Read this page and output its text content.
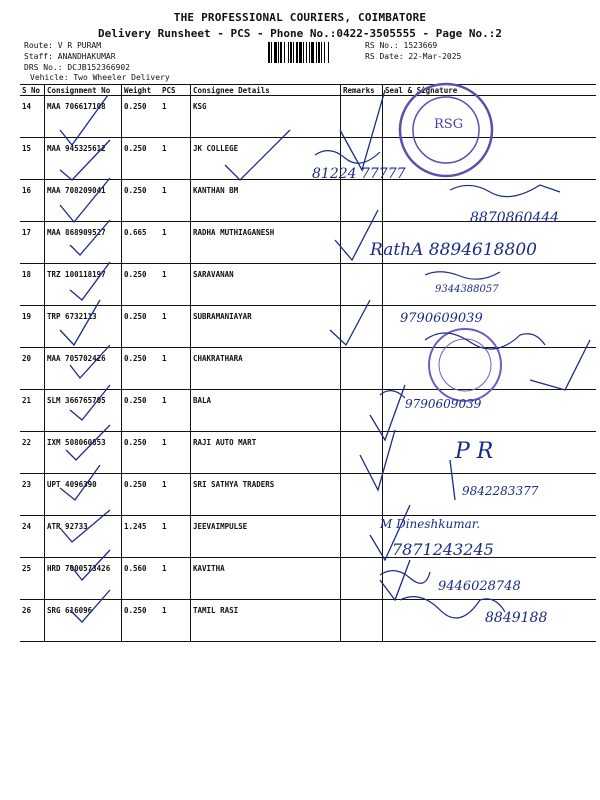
THE PROFESSIONAL COURIERS, COIMBATORE
Delivery Runsheet - PCS - Phone No.:0422-3505555 - Page No.:2
Route: V R PURAM
Staff: ANANDHAKUMAR
DRS No.: DCJB152366902
Vehicle: Two Wheeler Delivery
RS No.: 1523669
RS Date: 22-Mar-2025
S No	Consignment No	Weight	PCS	Consignee Details	Remarks	Seal & Signature
14	MAA 706617108	0.250	1	KSG		
15	MAA 945325612	0.250	1	JK COLLEGE		
16	MAA 708209041	0.250	1	KANTHAN BM		
17	MAA 868909527	0.665	1	RADHA MUTHIAGANESH		
18	TRZ 100118197	0.250	1	SARAVANAN		
19	TRP 6732113	0.250	1	SUBRAMANIAYAR		
20	MAA 705702426	0.250	1	CHAKRATHARA		
21	SLM 366765705	0.250	1	BALA		
22	IXM 508060853	0.250	1	RAJI AUTO MART		
23	UPT 4096390	0.250	1	SRI SATHYA TRADERS		
24	ATR 92733	1.245	1	JEEVAIMPULSE		
25	HRD 7000573426	0.560	1	KAVITHA		
26	SRG 616096	0.250	1	TAMIL RASI		
RSG
81224 77777
8870860444
RathA 8894618800
9344388057
9790609039
9790609039
P R
9842283377
M Dineshkumar.
7871243245
9446028748
8849188
